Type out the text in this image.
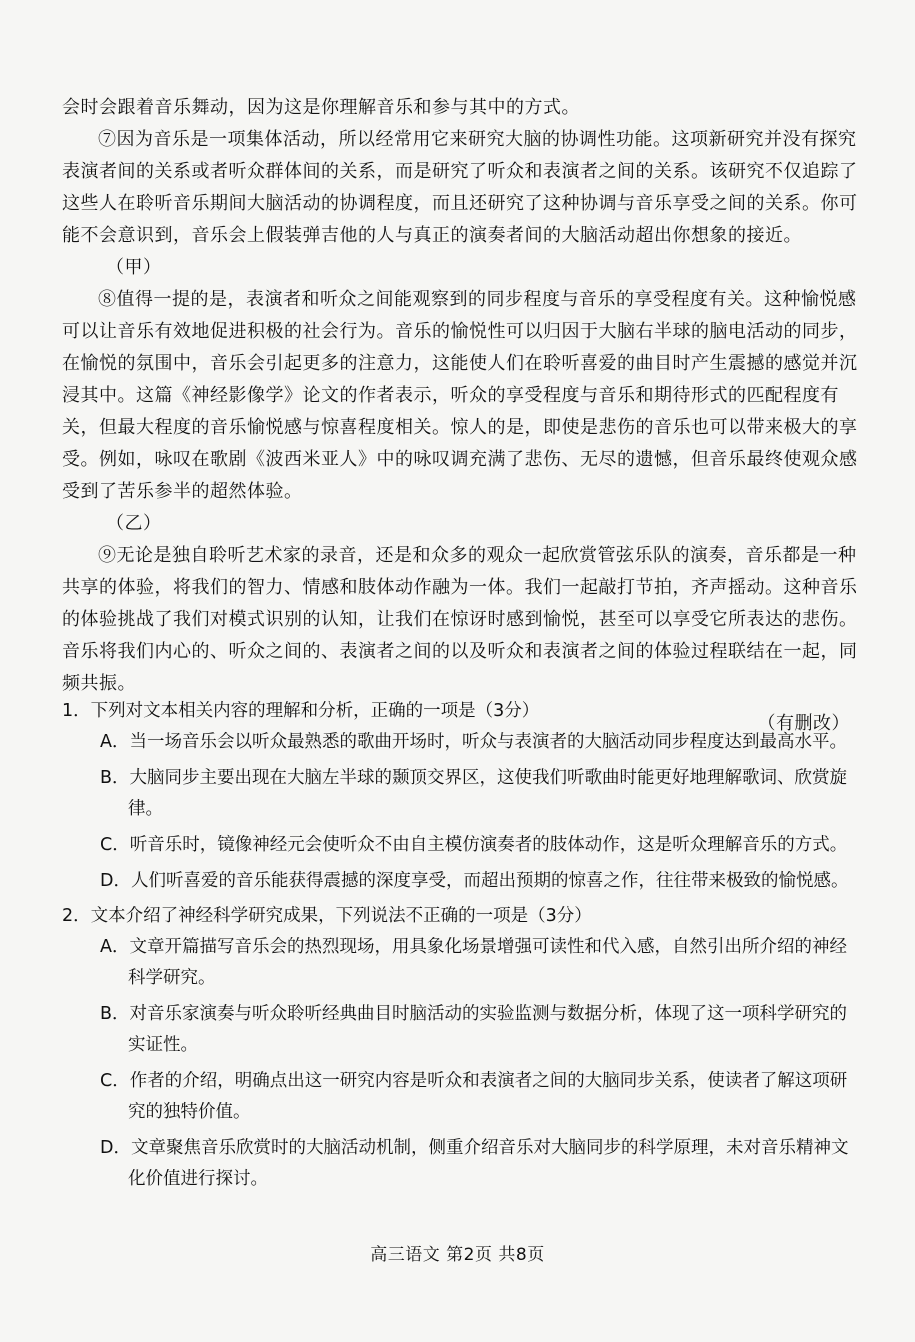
会时会跟着音乐舞动，因为这是你理解音乐和参与其中的方式。

⑦因为音乐是一项集体活动，所以经常用它来研究大脑的协调性功能。这项新研究并没有探究表演者间的关系或者听众群体间的关系，而是研究了听众和表演者之间的关系。该研究不仅追踪了这些人在聆听音乐期间大脑活动的协调程度，而且还研究了这种协调与音乐享受之间的关系。你可能不会意识到，音乐会上假装弹吉他的人与真正的演奏者间的大脑活动超出你想象的接近。

（甲）

⑧值得一提的是，表演者和听众之间能观察到的同步程度与音乐的享受程度有关。这种愉悦感可以让音乐有效地促进积极的社会行为。音乐的愉悦性可以归因于大脑右半球的脑电活动的同步，在愉悦的氛围中，音乐会引起更多的注意力，这能使人们在聆听喜爱的曲目时产生震撼的感觉并沉浸其中。这篇《神经影像学》论文的作者表示，听众的享受程度与音乐和期待形式的匹配程度有关，但最大程度的音乐愉悦感与惊喜程度相关。惊人的是，即使是悲伤的音乐也可以带来极大的享受。例如，咏叹在歌剧《波西米亚人》中的咏叹调充满了悲伤、无尽的遗憾，但音乐最终使观众感受到了苦乐参半的超然体验。

（乙）

⑨无论是独自聆听艺术家的录音，还是和众多的观众一起欣赏管弦乐队的演奏，音乐都是一种共享的体验，将我们的智力、情感和肢体动作融为一体。我们一起敲打节拍，齐声摇动。这种音乐的体验挑战了我们对模式识别的认知，让我们在惊讶时感到愉悦，甚至可以享受它所表达的悲伤。音乐将我们内心的、听众之间的、表演者之间的以及听众和表演者之间的体验过程联结在一起，同频共振。

（有删改）

1．下列对文本相关内容的理解和分析，正确的一项是（3分）

A．当一场音乐会以听众最熟悉的歌曲开场时，听众与表演者的大脑活动同步程度达到最高水平。

B．大脑同步主要出现在大脑左半球的颞顶交界区，这使我们听歌曲时能更好地理解歌词、欣赏旋律。

C．听音乐时，镜像神经元会使听众不由自主模仿演奏者的肢体动作，这是听众理解音乐的方式。

D．人们听喜爱的音乐能获得震撼的深度享受，而超出预期的惊喜之作，往往带来极致的愉悦感。

2．文本介绍了神经科学研究成果，下列说法不正确的一项是（3分）

A．文章开篇描写音乐会的热烈现场，用具象化场景增强可读性和代入感，自然引出所介绍的神经科学研究。

B．对音乐家演奏与听众聆听经典曲目时脑活动的实验监测与数据分析，体现了这一项科学研究的实证性。

C．作者的介绍，明确点出这一研究内容是听众和表演者之间的大脑同步关系，使读者了解这项研究的独特价值。

D．文章聚焦音乐欣赏时的大脑活动机制，侧重介绍音乐对大脑同步的科学原理，未对音乐精神文化价值进行探讨。

高三语文 第2页 共8页
